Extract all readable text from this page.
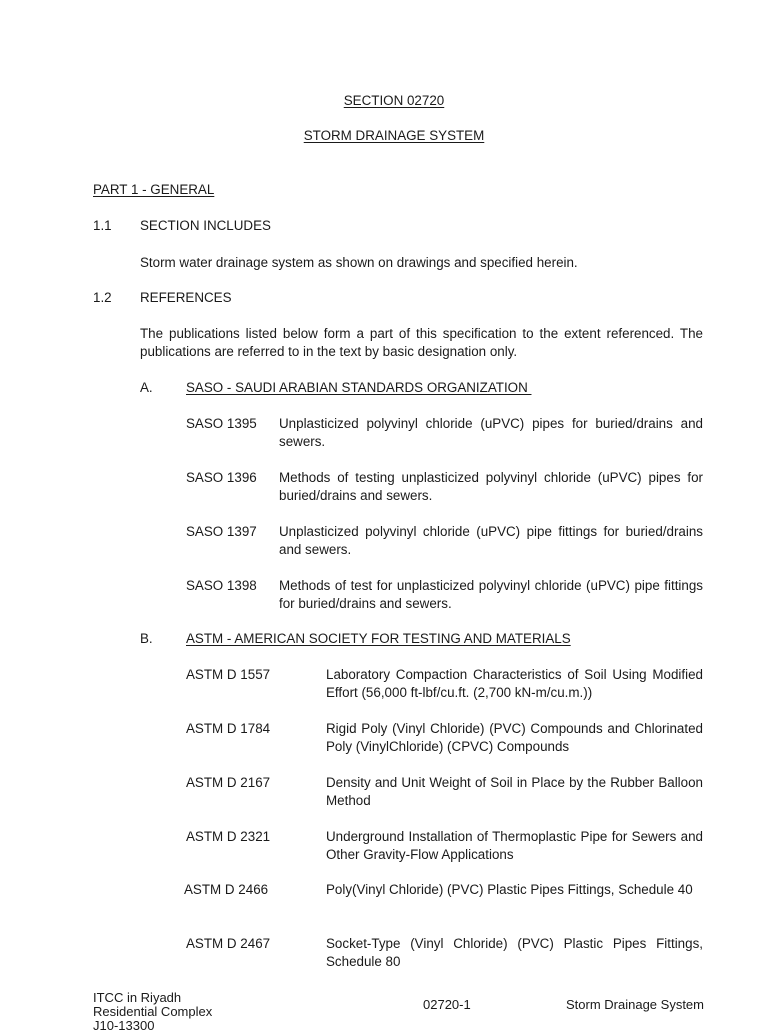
SECTION 02720
STORM DRAINAGE SYSTEM
PART 1 - GENERAL
1.1 SECTION INCLUDES
Storm water drainage system as shown on drawings and specified herein.
1.2 REFERENCES
The publications listed below form a part of this specification to the extent referenced. The publications are referred to in the text by basic designation only.
A. SASO - SAUDI ARABIAN STANDARDS ORGANIZATION
SASO 1395 Unplasticized polyvinyl chloride (uPVC) pipes for buried/drains and sewers.
SASO 1396 Methods of testing unplasticized polyvinyl chloride (uPVC) pipes for buried/drains and sewers.
SASO 1397 Unplasticized polyvinyl chloride (uPVC) pipe fittings for buried/drains and sewers.
SASO 1398 Methods of test for unplasticized polyvinyl chloride (uPVC) pipe fittings for buried/drains and sewers.
B. ASTM - AMERICAN SOCIETY FOR TESTING AND MATERIALS
ASTM D 1557	Laboratory Compaction Characteristics of Soil Using Modified Effort (56,000 ft-lbf/cu.ft. (2,700 kN-m/cu.m.))
ASTM D 1784	Rigid Poly (Vinyl Chloride) (PVC) Compounds and Chlorinated Poly (VinylChloride) (CPVC) Compounds
ASTM D 2167	Density and Unit Weight of Soil in Place by the Rubber Balloon Method
ASTM D 2321	Underground Installation of Thermoplastic Pipe for Sewers and Other Gravity-Flow Applications
ASTM D 2466	Poly(Vinyl Chloride) (PVC) Plastic Pipes Fittings, Schedule 40
ASTM D 2467	Socket-Type (Vinyl Chloride) (PVC) Plastic Pipes Fittings, Schedule 80
ITCC in Riyadh
Residential Complex
J10-13300
02720-1	Storm Drainage System
